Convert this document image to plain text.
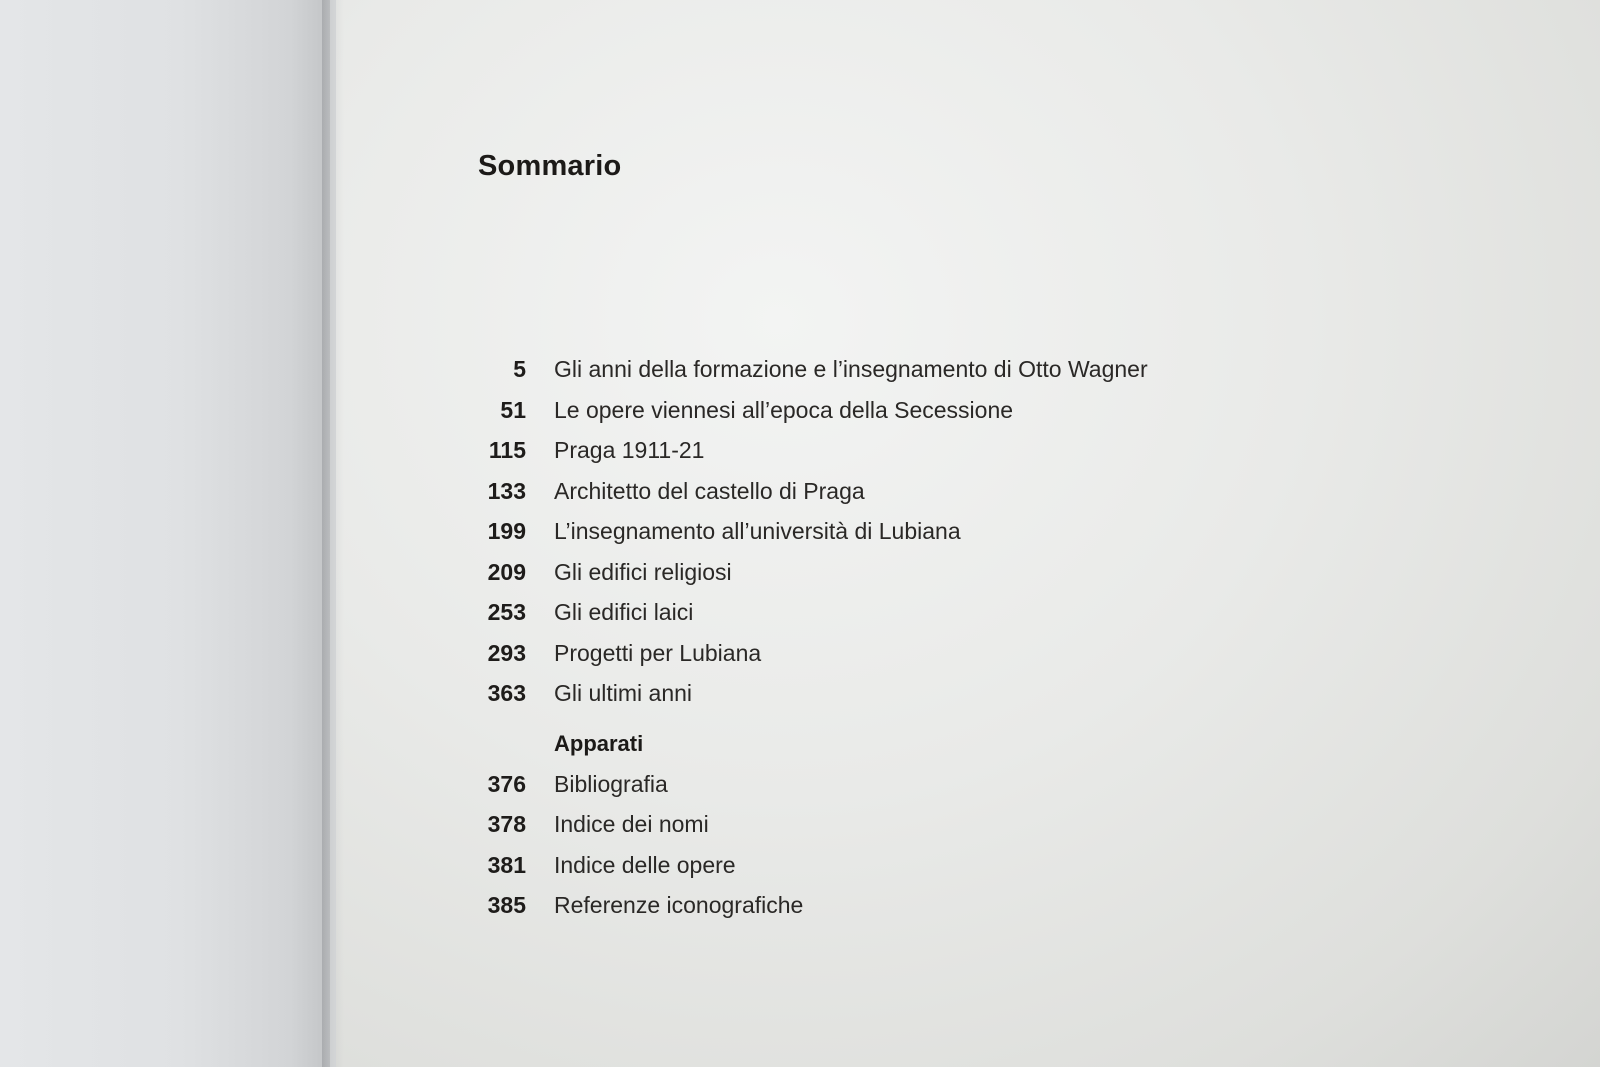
Sommario
5 Gli anni della formazione e l’insegnamento di Otto Wagner
51 Le opere viennesi all’epoca della Secessione
115 Praga 1911-21
133 Architetto del castello di Praga
199 L’insegnamento all’università di Lubiana
209 Gli edifici religiosi
253 Gli edifici laici
293 Progetti per Lubiana
363 Gli ultimi anni
Apparati
376 Bibliografia
378 Indice dei nomi
381 Indice delle opere
385 Referenze iconografiche
